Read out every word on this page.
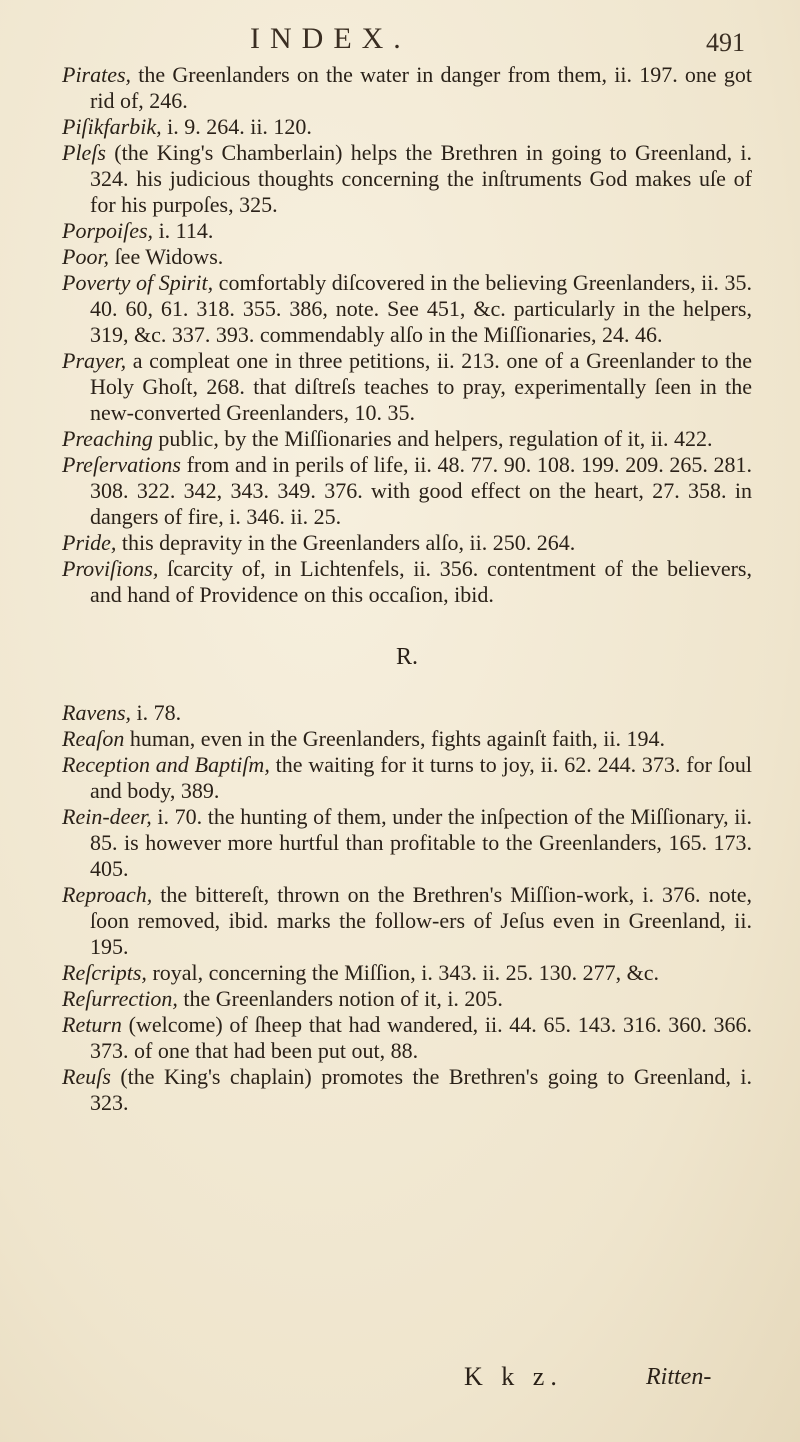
INDEX.	491

Pirates, the Greenlanders on the water in danger from them, ii. 197. one got rid of, 246.

Piſikfarbik, i. 9. 264. ii. 120.

Pleſs (the King's Chamberlain) helps the Brethren in going to Greenland, i. 324. his judicious thoughts concerning the inſtruments God makes uſe of for his purpoſes, 325.

Porpoiſes, i. 114.

Poor, ſee Widows.

Poverty of Spirit, comfortably diſcovered in the believing Greenlanders, ii. 35. 40. 60, 61. 318. 355. 386, note. See 451, &c. particularly in the helpers, 319, &c. 337. 393. commendably alſo in the Miſſionaries, 24. 46.

Prayer, a compleat one in three petitions, ii. 213. one of a Greenlander to the Holy Ghoſt, 268. that diſtreſs teaches to pray, experimentally ſeen in the new-converted Greenlanders, 10. 35.

Preaching public, by the Miſſionaries and helpers, regulation of it, ii. 422.

Preſervations from and in perils of life, ii. 48. 77. 90. 108. 199. 209. 265. 281. 308. 322. 342, 343. 349. 376. with good effect on the heart, 27. 358. in dangers of fire, i. 346. ii. 25.

Pride, this depravity in the Greenlanders alſo, ii. 250. 264.

Proviſions, ſcarcity of, in Lichtenfels, ii. 356. contentment of the believers, and hand of Providence on this occaſion, ibid.

R.

Ravens, i. 78.

Reaſon human, even in the Greenlanders, fights againſt faith, ii. 194.

Reception and Baptiſm, the waiting for it turns to joy, ii. 62. 244. 373. for ſoul and body, 389.

Rein-deer, i. 70. the hunting of them, under the inſpection of the Miſſionary, ii. 85. is however more hurtful than profitable to the Greenlanders, 165. 173. 405.

Reproach, the bittereſt, thrown on the Brethren's Miſſion-work, i. 376. note, ſoon removed, ibid. marks the follow-ers of Jeſus even in Greenland, ii. 195.

Reſcripts, royal, concerning the Miſſion, i. 343. ii. 25. 130. 277, &c.

Reſurrection, the Greenlanders notion of it, i. 205.

Return (welcome) of ſheep that had wandered, ii. 44. 65. 143. 316. 360. 366. 373. of one that had been put out, 88.

Reuſs (the King's chaplain) promotes the Brethren's going to Greenland, i. 323.

K k z.	Ritten-
